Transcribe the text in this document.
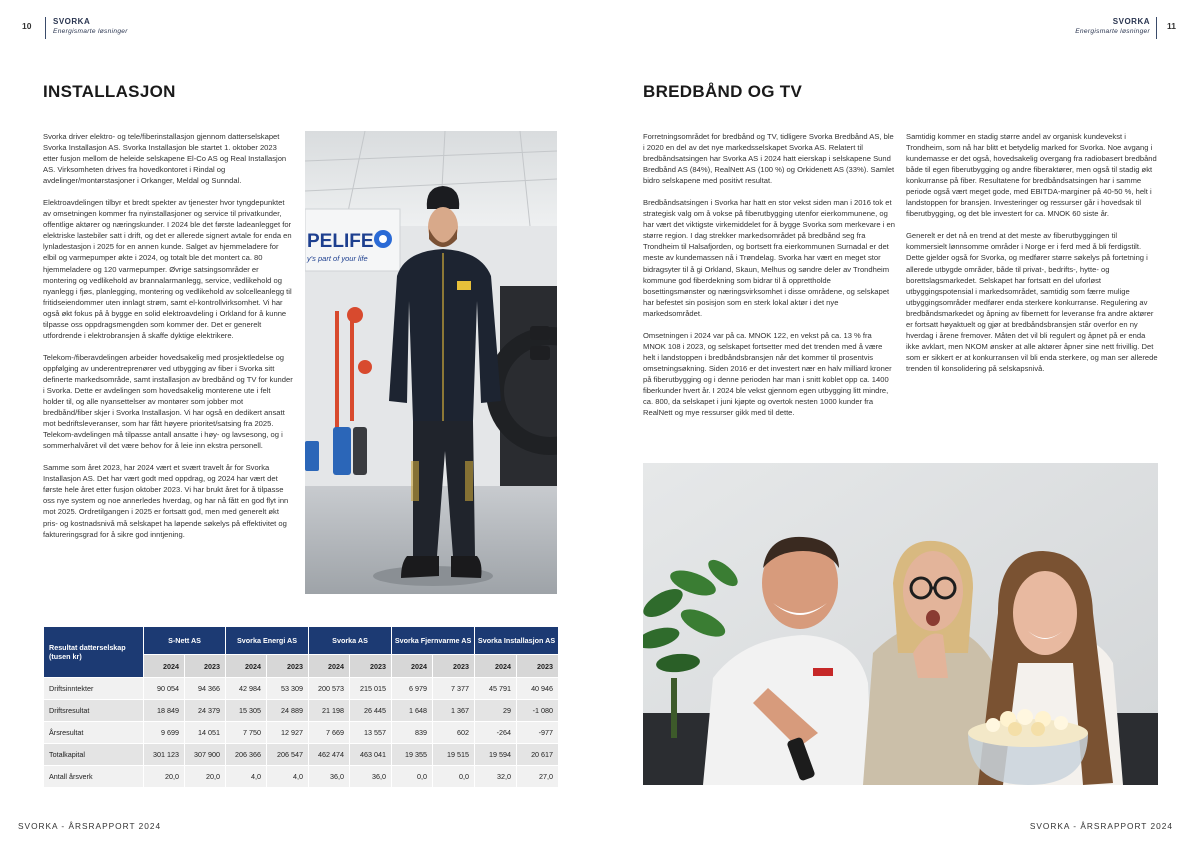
10	SVORKA
Energismarte løsninger
SVORKA
Energismarte løsninger
11
INSTALLASJON

Svorka driver elektro- og tele/fiberinstallasjon gjennom datterselskapet Svorka Installasjon AS. Svorka Installasjon ble startet 1. oktober 2023 etter fusjon mellom de heleide selskapene El-Co AS og Real Installasjon AS. Virksomheten drives fra hovedkontoret i Rindal og avdelinger/montørstasjoner i Orkanger, Meldal og Sunndal.

Elektroavdelingen tilbyr et bredt spekter av tjenester hvor tyngdepunktet av omsetningen kommer fra nyinstallasjoner og service til privatkunder, offentlige aktører og næringskunder. I 2024 ble det første ladeanlegget for elektriske lastebiler satt i drift, og det er allerede signert avtale for enda en lynladestasjon i 2025 for en annen kunde. Salget av hjemmeladere for elbil og varmepumper økte i 2024, og totalt ble det montert ca. 80 hjemmeladere og 120 varmepumper. Øvrige satsingsområder er montering og vedlikehold av brannalarmanlegg, service, vedlikehold og nyanlegg i fjøs, planlegging, montering og vedlikehold av solcelleanlegg til fritidseiendommer uten innlagt strøm, samt el-kontrollvirksomhet. Vi har også økt fokus på å bygge en solid elektroavdeling i Orkland for å kunne tilpasse oss oppdragsmengden som kommer der. Det er generelt utfordrende i elektrobransjen å skaffe dyktige elektrikere.

Telekom-/fiberavdelingen arbeider hovedsakelig med prosjektledelse og oppfølging av underentreprenører ved utbygging av fiber i Svorka sitt definerte markedsområde, samt installasjon av bredbånd og TV for kunder i Svorka. Dette er avdelingen som hovedsakelig monterene ute i felt holder til, og alle nyansettelser av montører som jobber mot bredbånd/fiber skjer i Svorka Installasjon. Vi har også en dedikert ansatt mot bedriftsleveranser, som har fått høyere prioritet/satsing fra 2025. Telekom-avdelingen må tilpasse antall ansatte i høy- og lavsesong, og i sommerhalvåret vil det være behov for å leie inn ekstra personell.

Samme som året 2023, har 2024 vært et svært travelt år for Svorka Installasjon AS. Det har vært godt med oppdrag, og 2024 har vært det første hele året etter fusjon oktober 2023. Vi har brukt året for å tilpasse oss nye system og noe annerledes hverdag, og har nå fått en god flyt inn mot 2025. Ordretilgangen i 2025 er fortsatt god, men med generelt økt pris- og kostnadsnivå må selskapet ha løpende søkelys på effektivitet og faktureringsgrad for å sikre god inntjening.

PELIFE
y's part of your life
Resultat datterselskap (tusen kr)	S-Nett AS		Svorka Energi AS		Svorka AS		Svorka Fjernvarme AS		Svorka Installasjon AS	
	2024	2023	2024	2023	2024	2023	2024	2023	2024	2023
Driftsinntekter	90 054	94 366	42 984	53 309	200 573	215 015	6 979	7 377	45 791	40 946
Driftsresultat	18 849	24 379	15 305	24 889	21 198	26 445	1 648	1 367	29	-1 080
Årsresultat	9 699	14 051	7 750	12 927	7 669	13 557	839	602	-264	-977
Totalkapital	301 123	307 900	206 366	206 547	462 474	463 041	19 355	19 515	19 594	20 617
Antall årsverk	20,0	20,0	4,0	4,0	36,0	36,0	0,0	0,0	32,0	27,0
BREDBÅND OG TV

Forretningsområdet for bredbånd og TV, tidligere Svorka Bredbånd AS, ble i 2020 en del av det nye markedsselskapet Svorka AS. Relatert til bredbåndsatsingen har Svorka AS i 2024 hatt eierskap i selskapene Sund Bredbånd AS (84%), RealNett AS (100 %) og Orkidenett AS (33%). Samlet bidro selskapene med positivt resultat.

Bredbåndsatsingen i Svorka har hatt en stor vekst siden man i 2016 tok et strategisk valg om å vokse på fiberutbygging utenfor eierkommunene, og har vært det viktigste virkemiddelet for å bygge Svorka som merkevare i en større region. I dag strekker markedsområdet på bredbånd seg fra Trondheim til Halsafjorden, og bortsett fra eierkommunen Surnadal er det meste av kundemassen nå i Trøndelag. Svorka har vært en meget stor bidragsyter til å gi Orkland, Skaun, Melhus og søndre deler av Trondheim kommune god fiberdekning som bidrar til å opprettholde bosettingsmønster og næringsvirksomhet i disse områdene, og selskapet har befestet sin posisjon som en sterk lokal aktør i det nye markedsområdet.

Omsetningen i 2024 var på ca. MNOK 122, en vekst på ca. 13 % fra MNOK 108 i 2023, og selskapet fortsetter med det trenden med å være helt i landstoppen i bredbåndsbransjen når det kommer til prosentvis omsetningsøkning. Siden 2016 er det investert nær en halv milliard kroner på fiberutbygging og i denne perioden har man i snitt koblet opp ca. 1400 fiberkunder hvert år. I 2024 ble vekst gjennom egen utbygging litt mindre, ca. 800, da selskapet i juni kjøpte og overtok nesten 1000 kunder fra RealNett og mye ressurser gikk med til dette.

Samtidig kommer en stadig større andel av organisk kundevekst i Trondheim, som nå har blitt et betydelig marked for Svorka. Noe avgang i kundemasse er det også, hovedsakelig overgang fra radiobasert bredbånd både til egen fiberutbygging og andre fiberaktører, men også til stadig økt konkurranse på fiber. Resultatene for bredbåndsatsingen har i samme periode også vært meget gode, med EBITDA-marginer på 40-50 %, helt i landstoppen for bransjen. Investeringer og ressurser går i hovedsak til fiberutbygging, og det ble investert for ca. MNOK 60 siste år.

Generelt er det nå en trend at det meste av fiberutbyggingen til kommersielt lønnsomme områder i Norge er i ferd med å bli ferdigstilt. Dette gjelder også for Svorka, og medfører større søkelys på fortetning i allerede utbygde områder, både til privat-, bedrifts-, hytte- og borettslagsmarkedet. Selskapet har fortsatt en del uforløst utbyggingspotensial i markedsområdet, samtidig som færre mulige utbyggingsområder medfører enda sterkere konkurranse. Regulering av bredbåndsmarkedet og åpning av fibernett for leveranse fra andre aktører er fortsatt høyaktuelt og gjør at bredbåndsbransjen står overfor en ny hverdag i årene fremover. Måten det vil bli regulert og åpnet på er enda ikke avklart, men NKOM ønsker at alle aktører åpner sine nett frivillig. Det som er sikkert er at konkurransen vil bli enda sterkere, og man ser allerede trenden til konsolidering på selskapsnivå.

SVORKA - ÅRSRAPPORT 2024	SVORKA - ÅRSRAPPORT 2024
